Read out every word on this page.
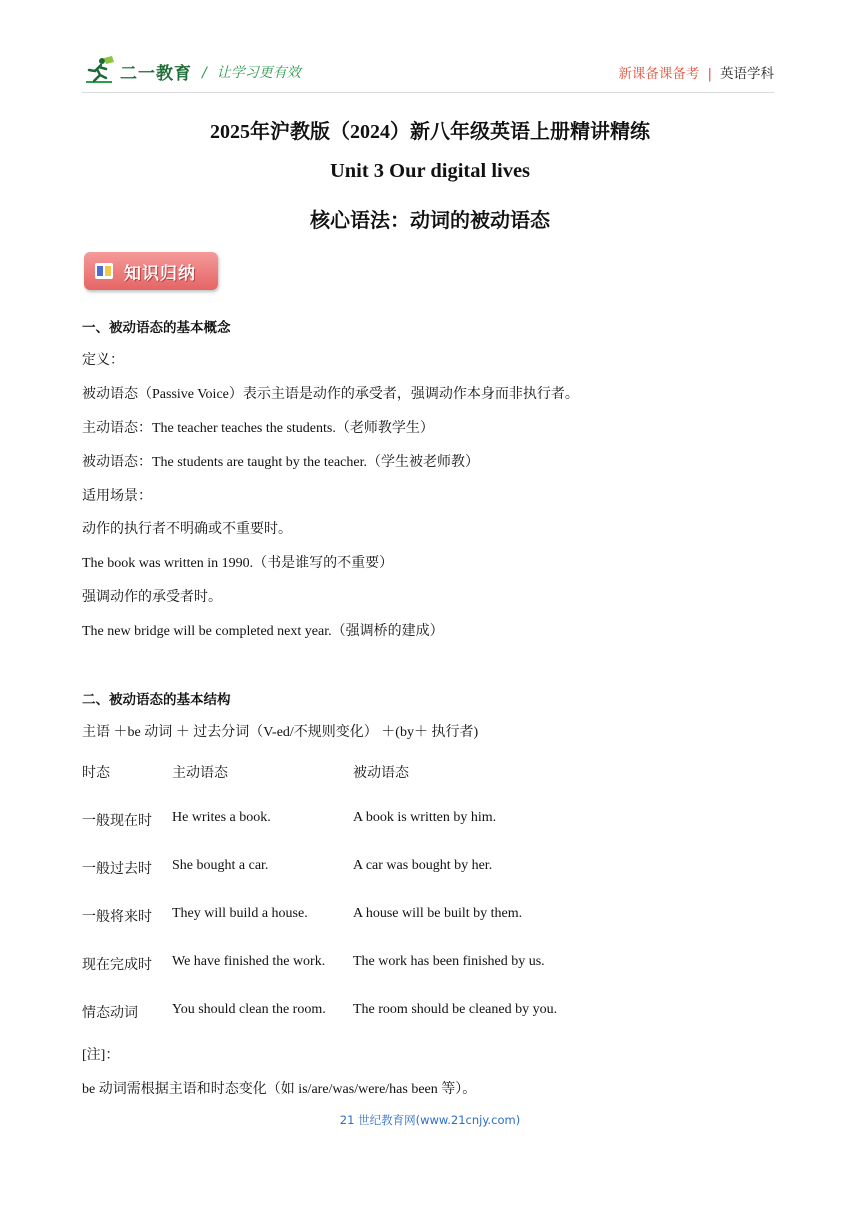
二一教育 / 让学习更有效	新课备课备考 | 英语学科
2025年沪教版（2024）新八年级英语上册精讲精练
Unit 3 Our digital lives
核心语法：动词的被动语态
知识归纳
一、被动语态的基本概念
定义：
被动语态（Passive Voice）表示主语是动作的承受者，强调动作本身而非执行者。
主动语态：The teacher teaches the students.（老师教学生）
被动语态：The students are taught by the teacher.（学生被老师教）
适用场景：
动作的执行者不明确或不重要时。
The book was written in 1990.（书是谁写的不重要）
强调动作的承受者时。
The new bridge will be completed next year.（强调桥的建成）
二、被动语态的基本结构
主语 ＋be 动词 ＋ 过去分词（V-ed/不规则变化） ＋(by＋ 执行者)
时态	主动语态	被动语态
一般现在时 He writes a book.	A book is written by him.
一般过去时 She bought a car.	A car was bought by her.
一般将来时 They will build a house.	A house will be built by them.
现在完成时 We have finished the work. The work has been finished by us.
情态动词 You should clean the room. The room should be cleaned by you.
[注]：
be 动词需根据主语和时态变化（如 is/are/was/were/has been 等）。
21 世纪教育网(www.21cnjy.com)
